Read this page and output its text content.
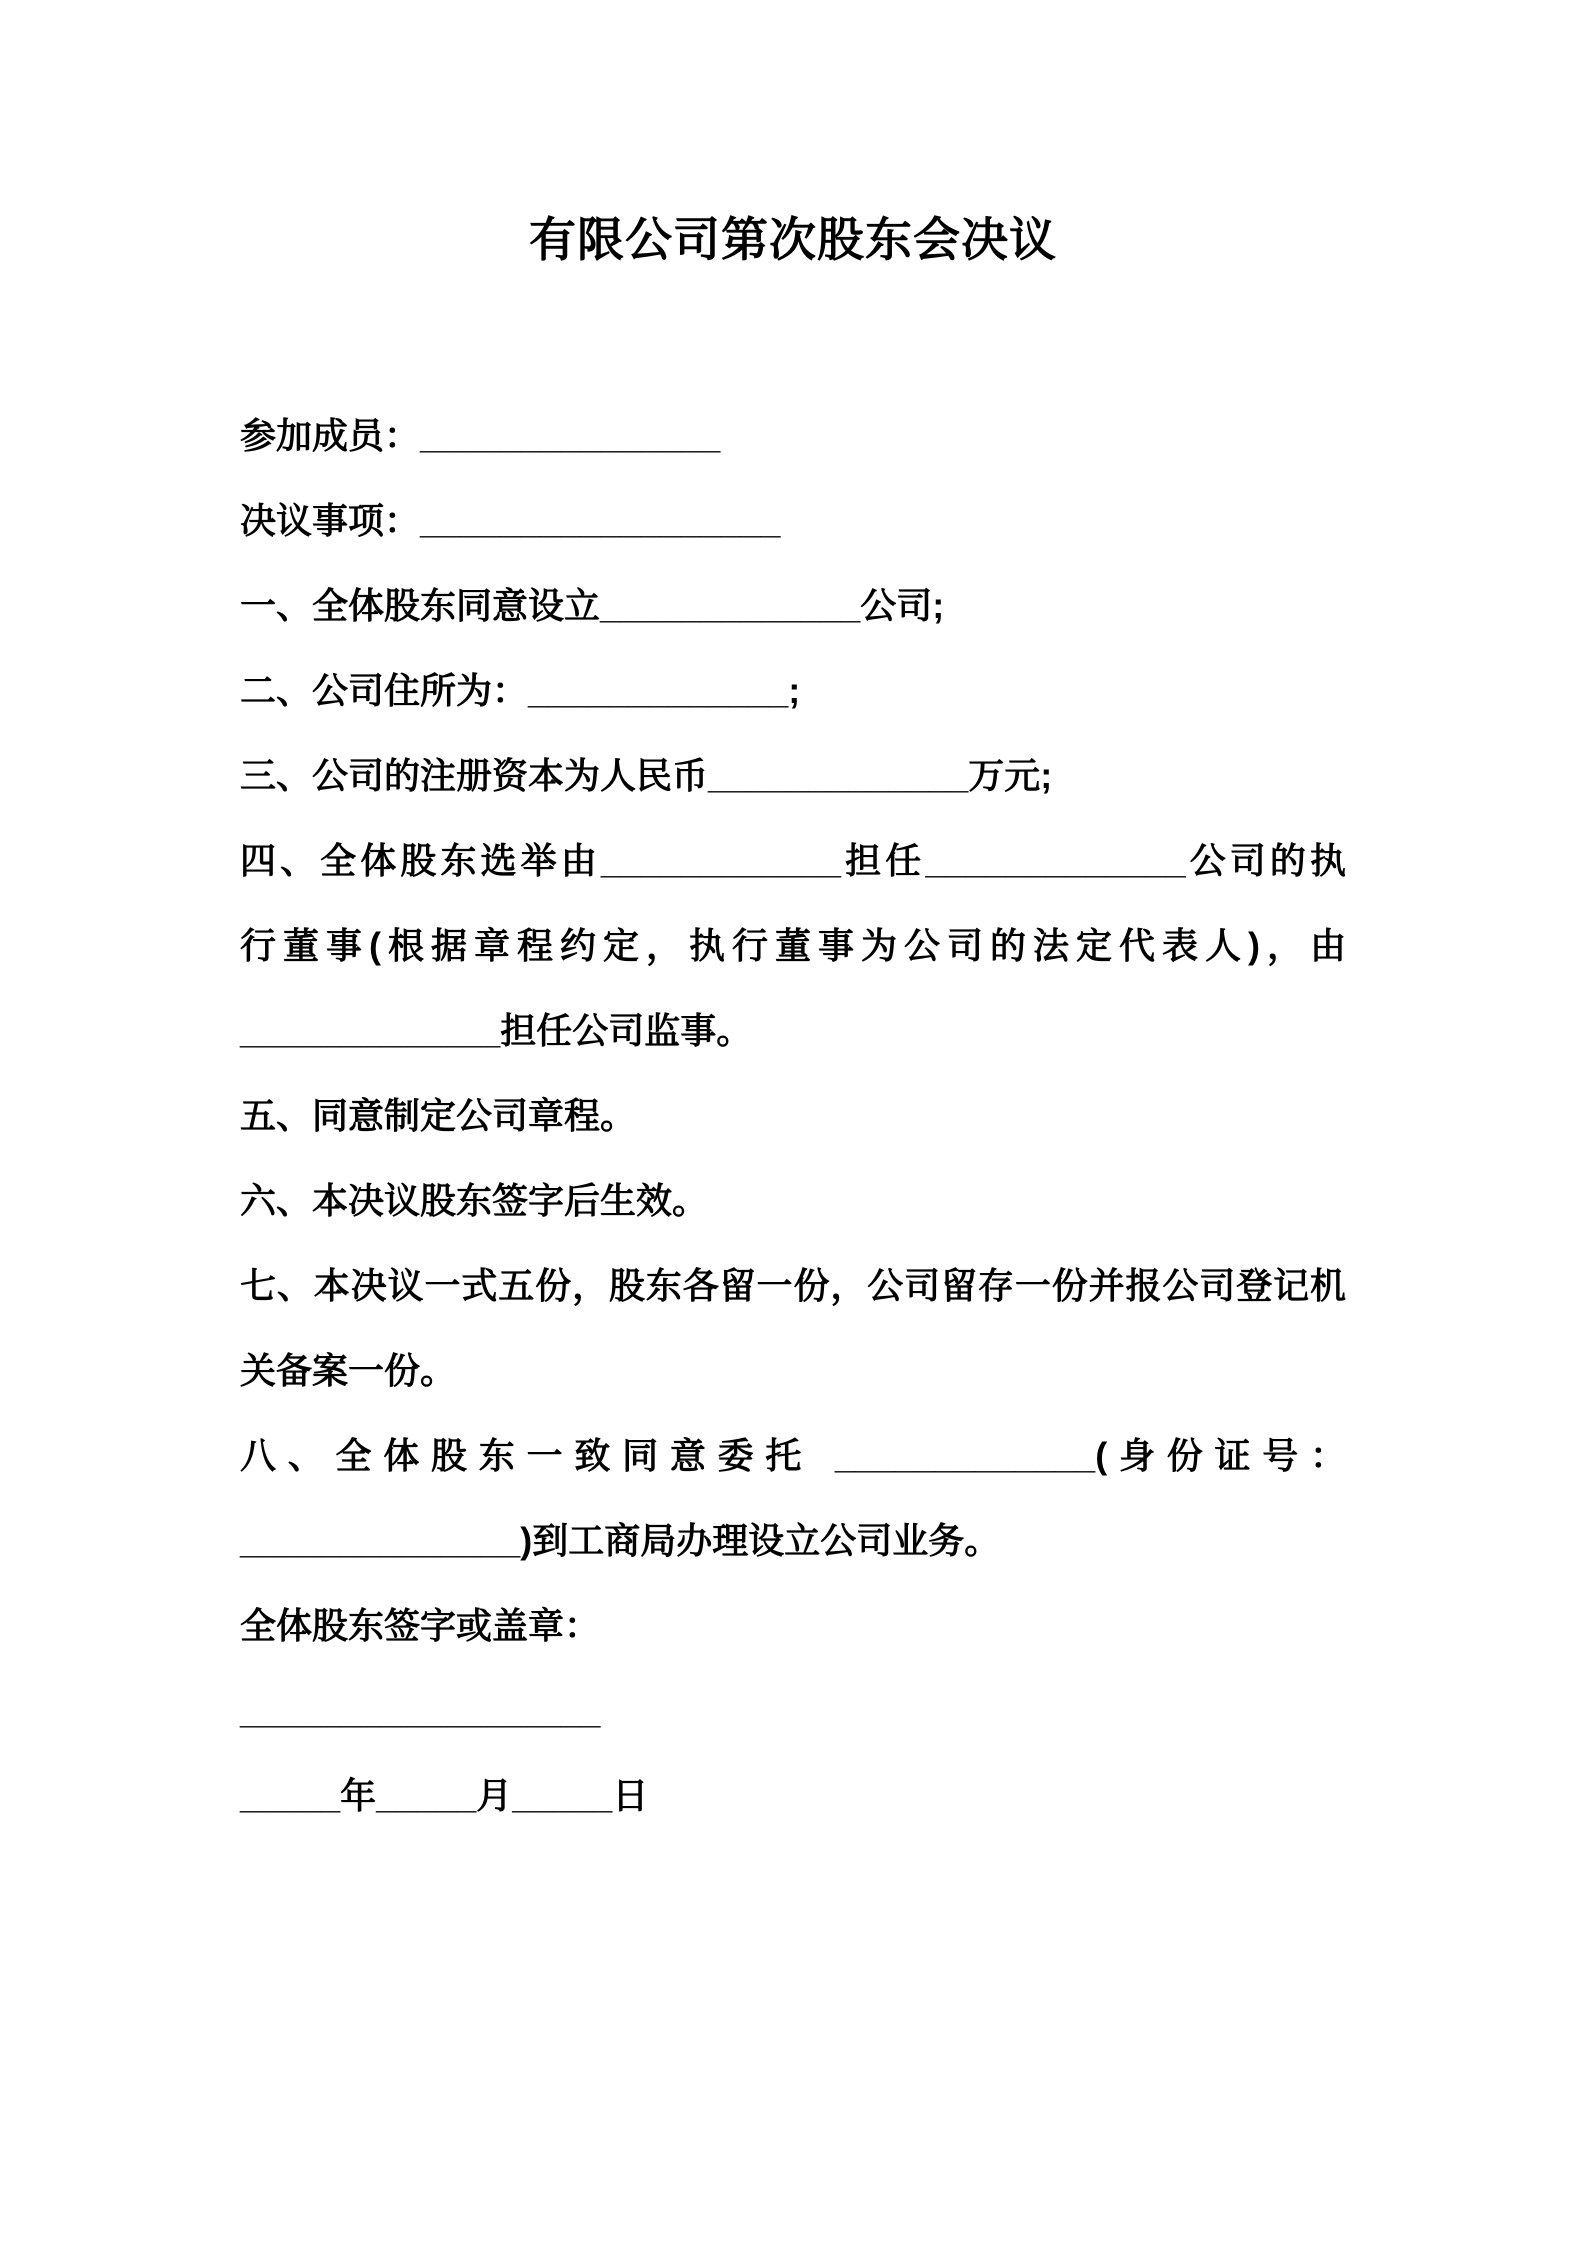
有限公司第次股东会决议
参加成员：_______________
决议事项：__________________
一、全体股东同意设立_____________公司;
二、公司住所为：_____________;
三、公司的注册资本为人民币_____________万元;
四、全体股东选举由____________担任_____________公司的执
行董事(根据章程约定，执行董事为公司的法定代表人)，由
_____________担任公司监事。
五、同意制定公司章程。
六、本决议股东签字后生效。
七、本决议一式五份，股东各留一份，公司留存一份并报公司登记机
关备案一份。
八、全体股东一致同意委托 _____________(身份证号：
______________)到工商局办理设立公司业务。
全体股东签字或盖章：
__________________
_____年_____月_____日
